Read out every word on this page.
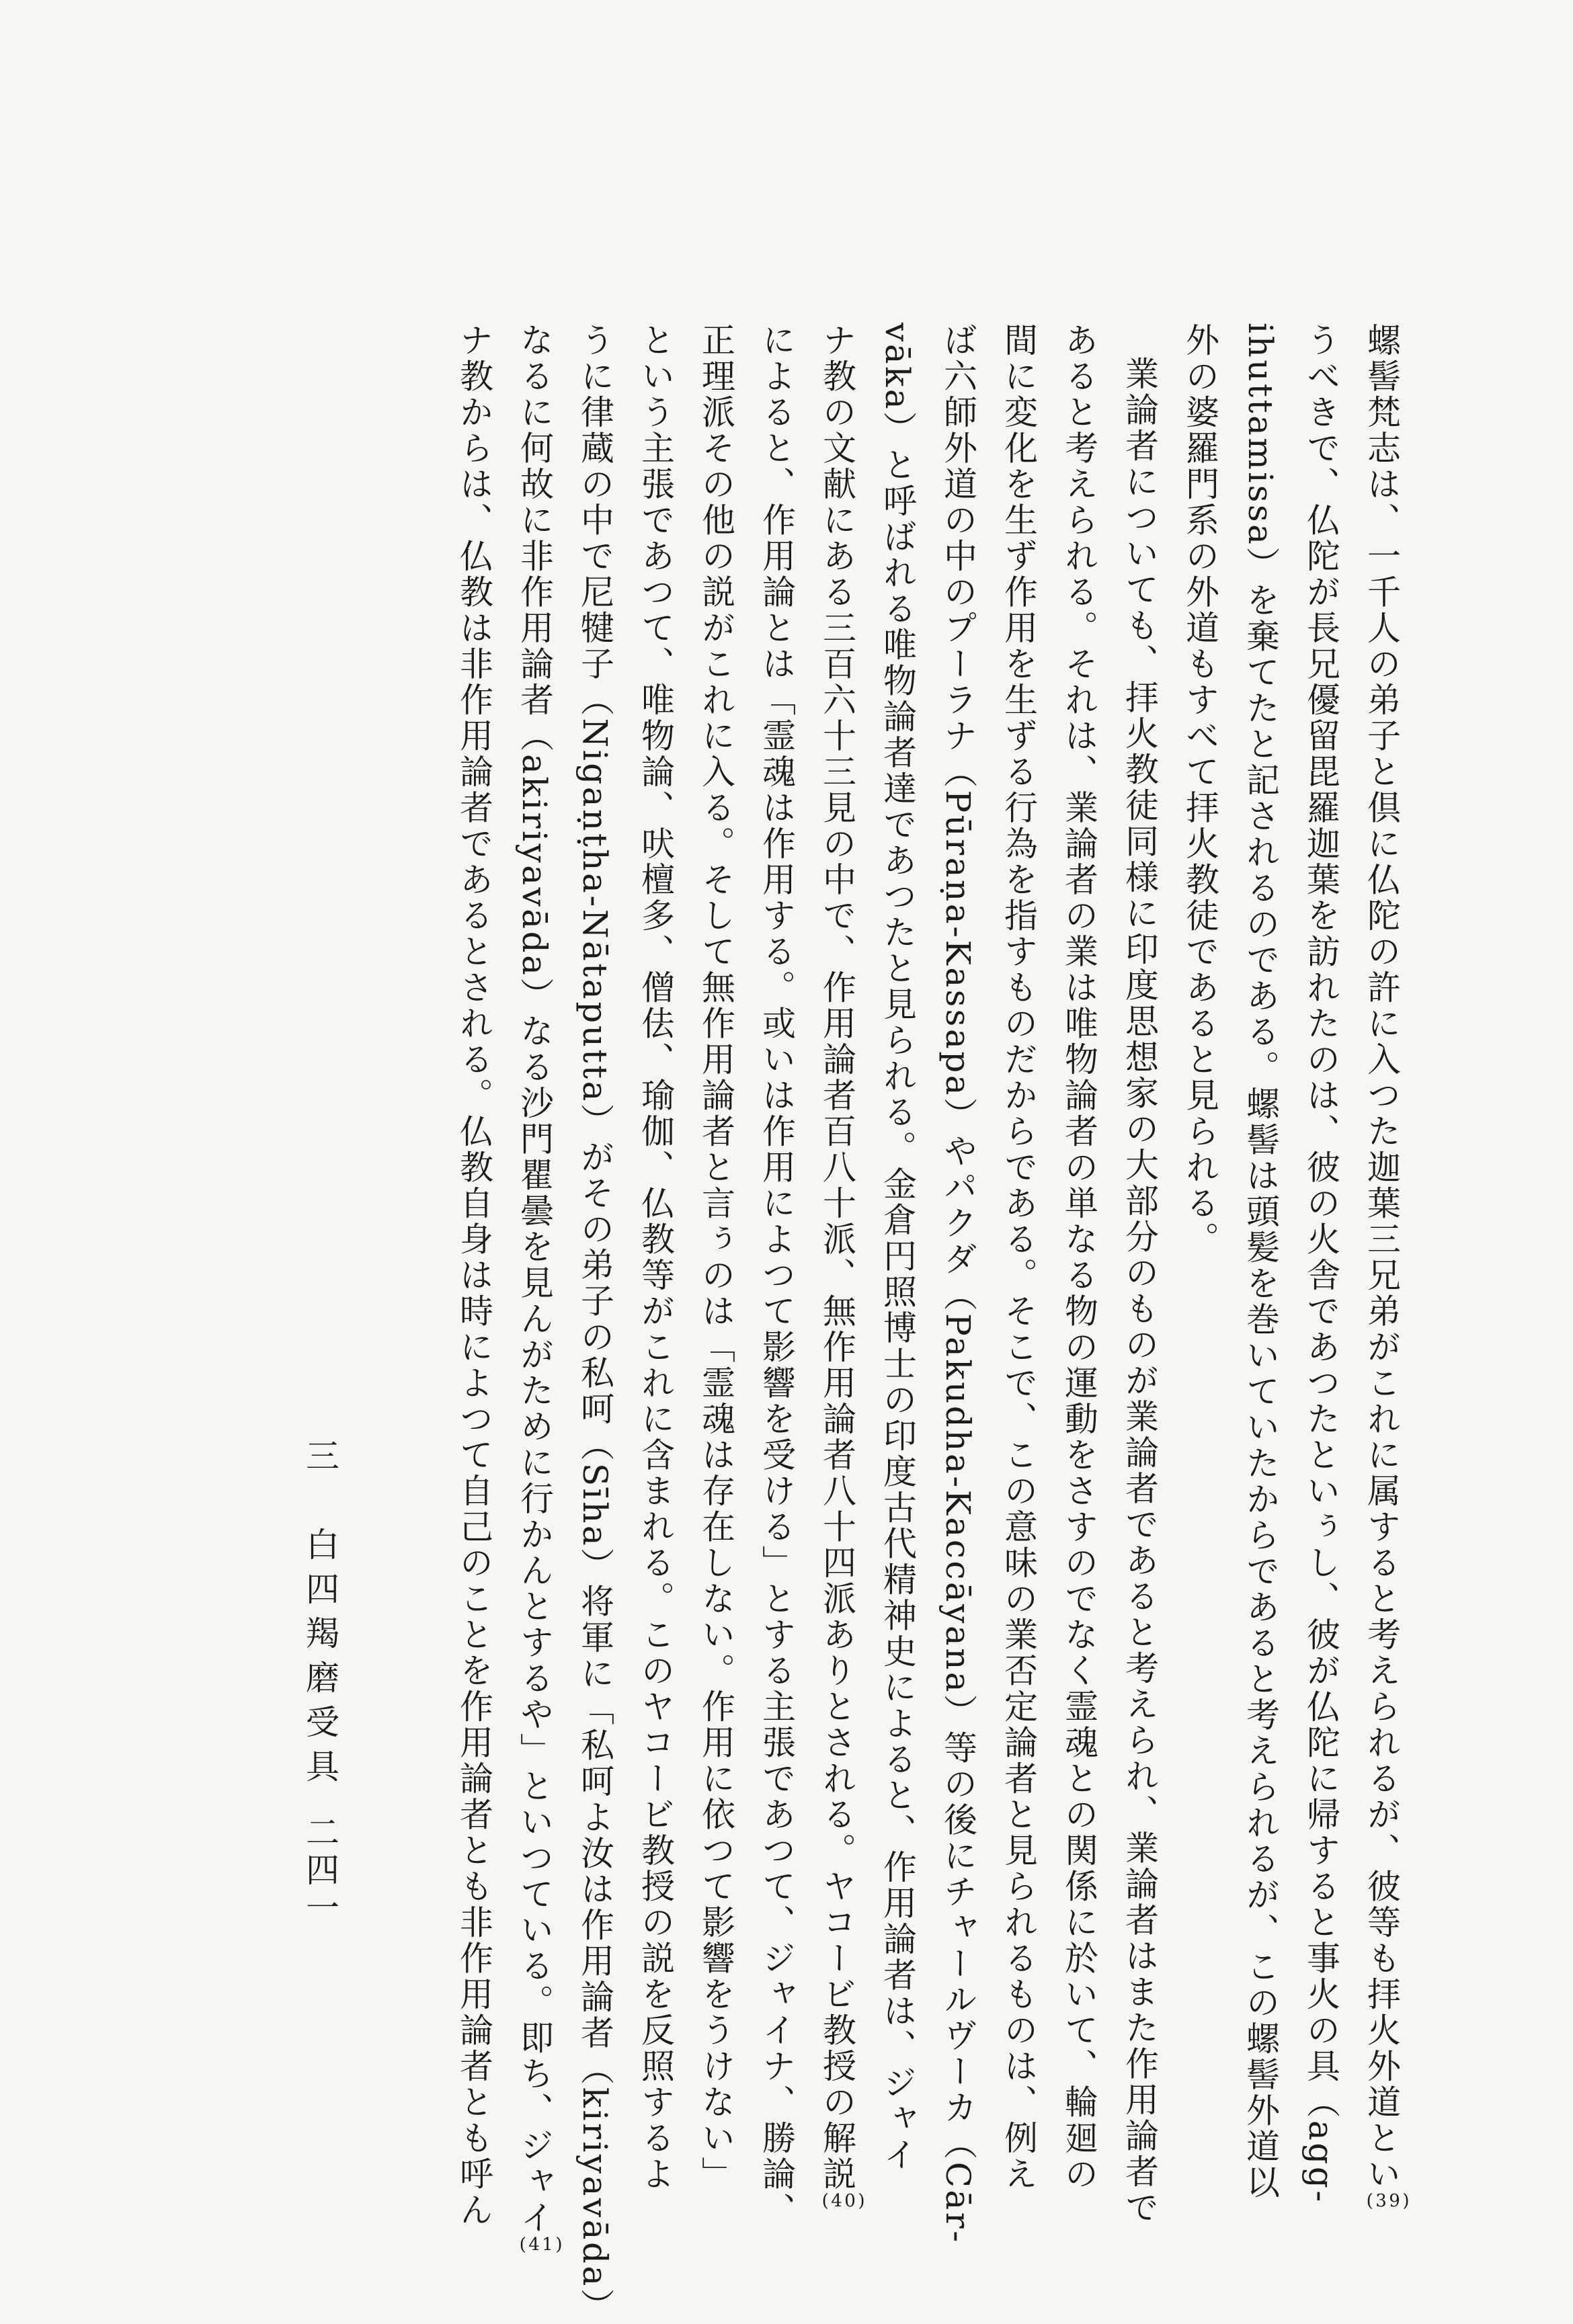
螺髻梵志は、一千人の弟子と倶に仏陀の許に入つた迦葉三兄弟がこれに属すると考えられるが、彼等も拝火外道とい(39)
うべきで、仏陀が長兄優留毘羅迦葉を訪れたのは、彼の火舎であつたといぅし、彼が仏陀に帰すると事火の具（agg-
ihuttamissa）を棄てたと記されるのである。螺髻は頭髪を巻いていたからであると考えられるが、この螺髻外道以
外の婆羅門系の外道もすべて拝火教徒であると見られる。
業論者についても、拝火教徒同様に印度思想家の大部分のものが業論者であると考えられ、業論者はまた作用論者で
あると考えられる。それは、業論者の業は唯物論者の単なる物の運動をさすのでなく霊魂との関係に於いて、輪廻の
間に変化を生ず作用を生ずる行為を指すものだからである。そこで、この意味の業否定論者と見られるものは、例え
ば六師外道の中のプーラナ（Pūraṇa-Kassapa）やパクダ（Pakudha-Kaccāyana）等の後にチャールヴーカ（Cār-
vāka）と呼ばれる唯物論者達であつたと見られる。金倉円照博士の印度古代精神史によると、作用論者は、ジャイ
ナ教の文献にある三百六十三見の中で、作用論者百八十派、無作用論者八十四派ありとされる。ヤコービ教授の解説(40)
によると、作用論とは「霊魂は作用する。或いは作用によつて影響を受ける」とする主張であつて、ジャイナ、勝論、
正理派その他の説がこれに入る。そして無作用論者と言ぅのは「霊魂は存在しない。作用に依つて影響をうけない」
という主張であつて、唯物論、吠檀多、僧佉、瑜伽、仏教等がこれに含まれる。このヤコービ教授の説を反照するよ
うに律蔵の中で尼犍子（Nigaṇṭha-Nātaputta）がその弟子の私呵（Sīha）将軍に「私呵よ汝は作用論者（kiriyavāda）
なるに何故に非作用論者（akiriyavāda）なる沙門瞿曇を見んがために行かんとするや」といつている。即ち、ジャイ(41)
ナ教からは、仏教は非作用論者であるとされる。仏教自身は時によつて自己のことを作用論者とも非作用論者とも呼ん
三　白四羯磨受具
二四一
